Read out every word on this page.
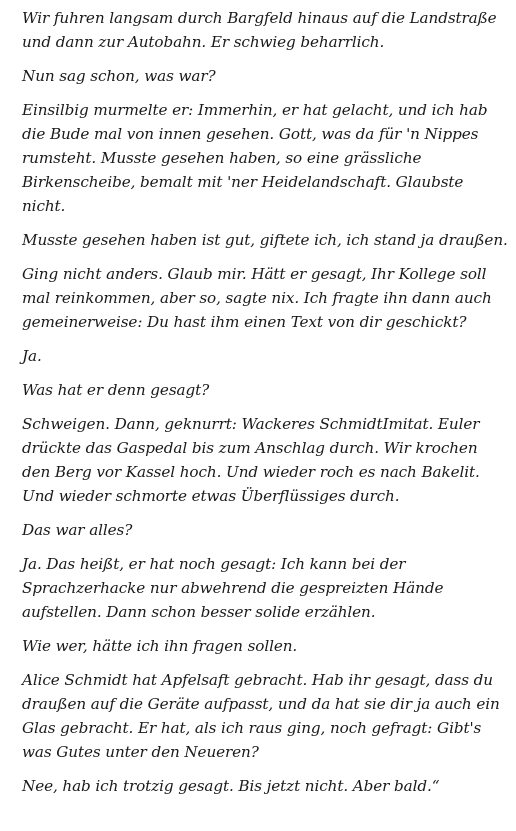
Wir fuhren langsam durch Bargfeld hinaus auf die Landstraße und dann zur Autobahn. Er schwieg beharrlich.

Nun sag schon, was war?

Einsilbig murmelte er: Immerhin, er hat gelacht, und ich hab die Bude mal von innen gesehen. Gott, was da für 'n Nippes rumsteht. Musste gesehen haben, so eine grässliche Birkenscheibe, bemalt mit 'ner Heidelandschaft. Glaubste nicht.

Musste gesehen haben ist gut, giftete ich, ich stand ja draußen.

Ging nicht anders. Glaub mir. Hätt er gesagt, Ihr Kollege soll mal reinkommen, aber so, sagte nix. Ich fragte ihn dann auch gemeinerweise: Du hast ihm einen Text von dir geschickt?

Ja.

Was hat er denn gesagt?

Schweigen. Dann, geknurrt: Wackeres SchmidtImitat. Euler drückte das Gaspedal bis zum Anschlag durch. Wir krochen den Berg vor Kassel hoch. Und wieder roch es nach Bakelit. Und wieder schmorte etwas Überflüssiges durch.

Das war alles?

Ja. Das heißt, er hat noch gesagt: Ich kann bei der Sprachzerhacke nur abwehrend die gespreizten Hände aufstellen. Dann schon besser solide erzählen.

Wie wer, hätte ich ihn fragen sollen.

Alice Schmidt hat Apfelsaft gebracht. Hab ihr gesagt, dass du draußen auf die Geräte aufpasst, und da hat sie dir ja auch ein Glas gebracht. Er hat, als ich raus ging, noch gefragt: Gibt's was Gutes unter den Neueren?

Nee, hab ich trotzig gesagt. Bis jetzt nicht. Aber bald.“
